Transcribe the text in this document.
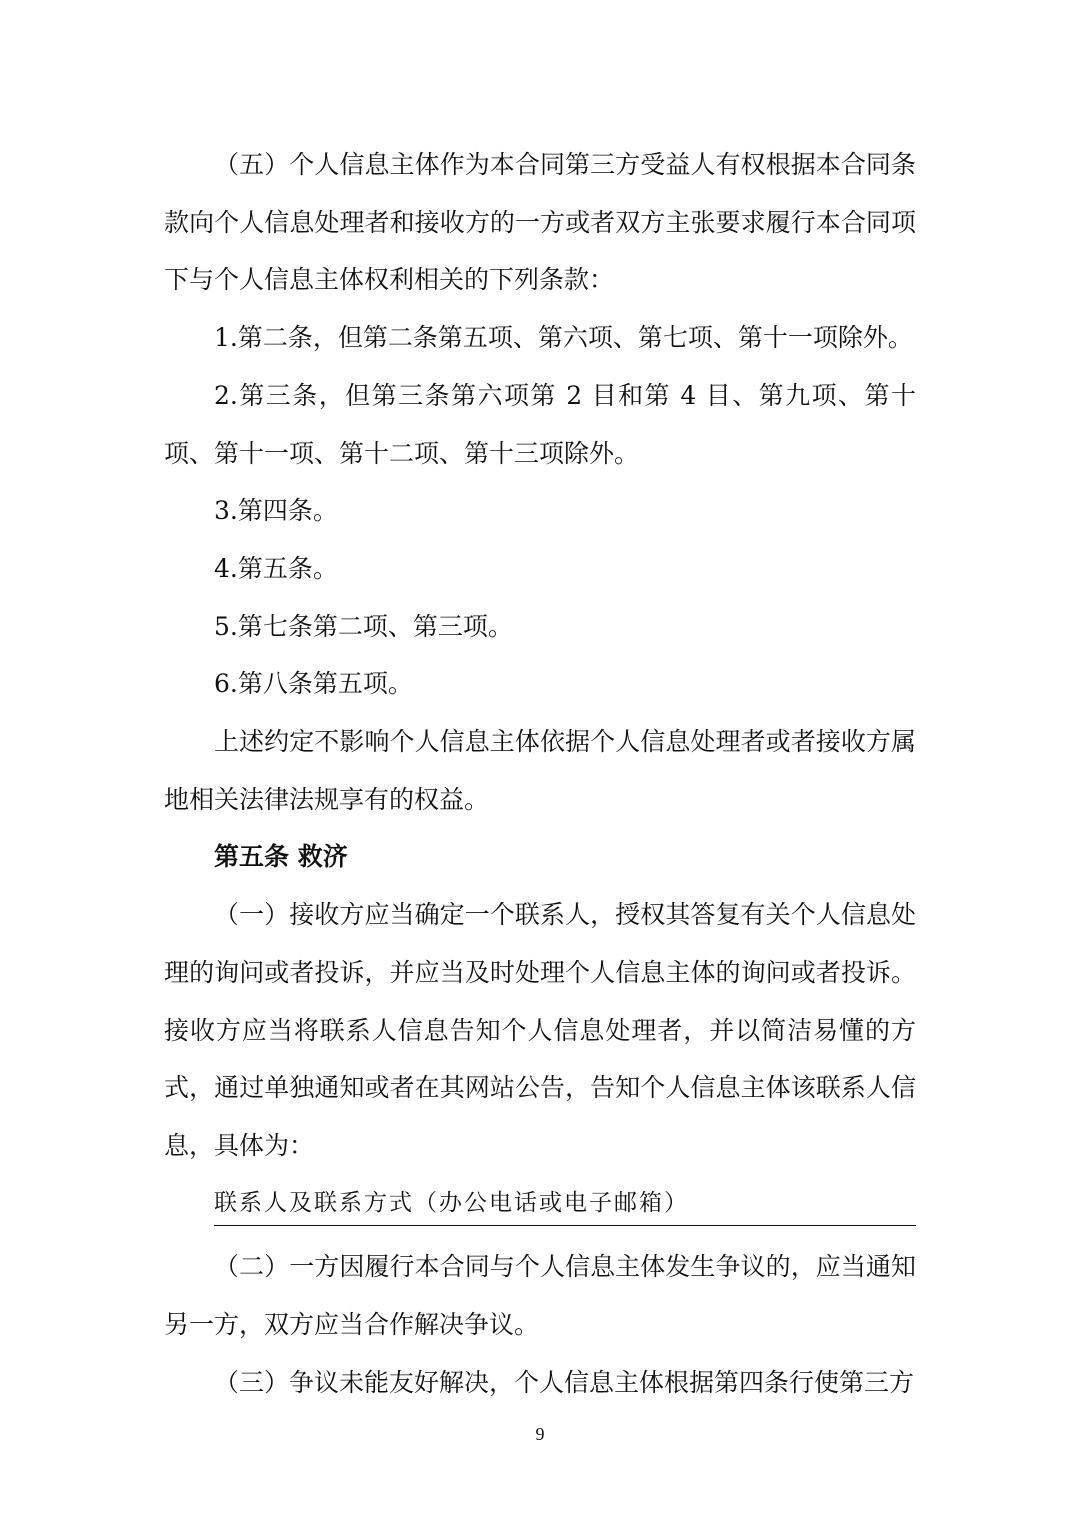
（五）个人信息主体作为本合同第三方受益人有权根据本合同条款向个人信息处理者和接收方的一方或者双方主张要求履行本合同项下与个人信息主体权利相关的下列条款：

1.第二条，但第二条第五项、第六项、第七项、第十一项除外。

2.第三条，但第三条第六项第 2 目和第 4 目、第九项、第十项、第十一项、第十二项、第十三项除外。

3.第四条。

4.第五条。

5.第七条第二项、第三项。

6.第八条第五项。

上述约定不影响个人信息主体依据个人信息处理者或者接收方属地相关法律法规享有的权益。

第五条 救济

（一）接收方应当确定一个联系人，授权其答复有关个人信息处理的询问或者投诉，并应当及时处理个人信息主体的询问或者投诉。接收方应当将联系人信息告知个人信息处理者，并以简洁易懂的方式，通过单独通知或者在其网站公告，告知个人信息主体该联系人信息，具体为：

联系人及联系方式（办公电话或电子邮箱）

（二）一方因履行本合同与个人信息主体发生争议的，应当通知另一方，双方应当合作解决争议。

（三）争议未能友好解决，个人信息主体根据第四条行使第三方

9
